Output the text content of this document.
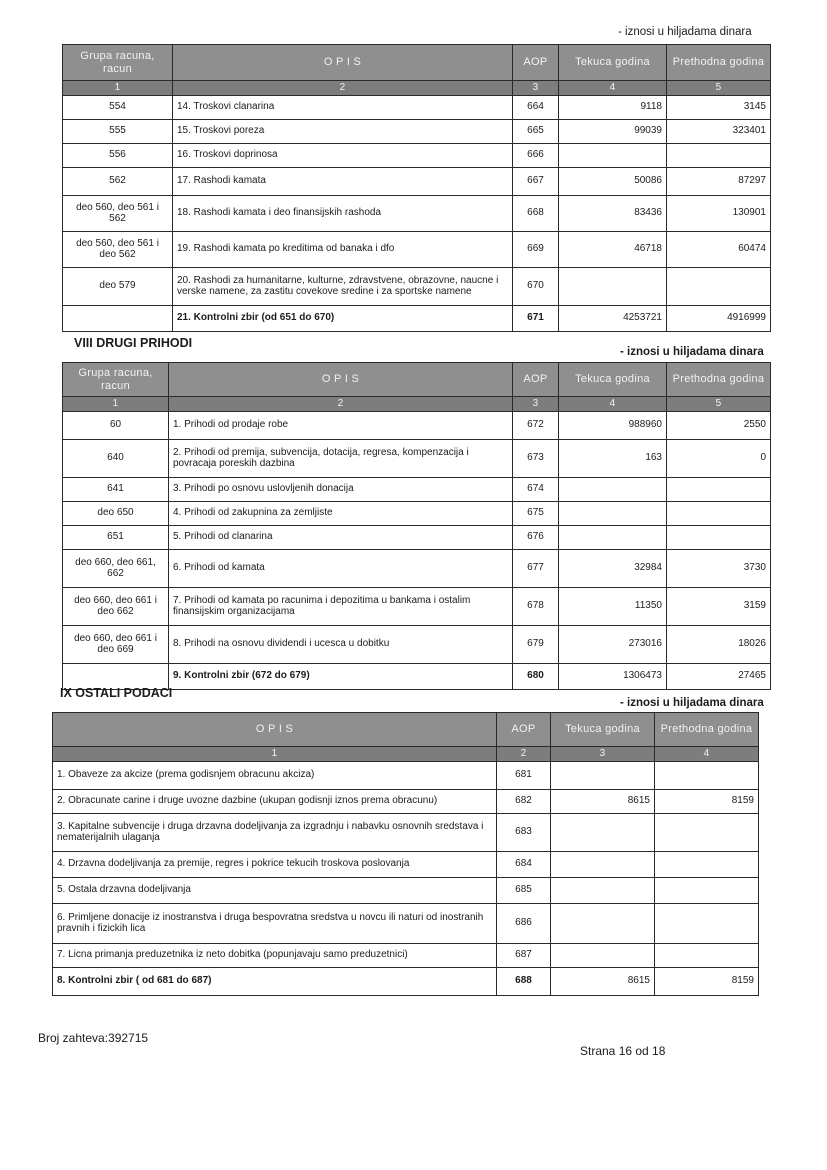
- iznosi u hiljadama dinara
Grupa racuna, racun	O P I S	AOP	Tekuca godina	Prethodna godina
1	2	3	4	5
554	14. Troskovi clanarina	664	9118	3145
555	15. Troskovi poreza	665	99039	323401
556	16. Troskovi doprinosa	666		
562	17. Rashodi kamata	667	50086	87297
deo 560, deo 561 i 562	18. Rashodi kamata i deo finansijskih rashoda	668	83436	130901
deo 560, deo 561 i deo 562	19. Rashodi kamata po kreditima od banaka i dfo	669	46718	60474
deo 579	20. Rashodi za humanitarne, kulturne, zdravstvene, obrazovne, naucne i verske namene, za zastitu covekove sredine i za sportske namene	670		
	21. Kontrolni zbir (od 651 do 670)	671	4253721	4916999
VIII DRUGI PRIHODI
- iznosi u hiljadama dinara
Grupa racuna, racun	O P I S	AOP	Tekuca godina	Prethodna godina
1	2	3	4	5
60	1. Prihodi od prodaje robe	672	988960	2550
640	2. Prihodi od premija, subvencija, dotacija, regresa, kompenzacija i povracaja poreskih dazbina	673	163	0
641	3. Prihodi po osnovu uslovljenih donacija	674		
deo 650	4. Prihodi od zakupnina za zemljiste	675		
651	5. Prihodi od clanarina	676		
deo 660, deo 661, 662	6. Prihodi od kamata	677	32984	3730
deo 660, deo 661 i deo 662	7. Prihodi od kamata po racunima i depozitima u bankama i ostalim finansijskim organizacijama	678	11350	3159
deo 660, deo 661 i deo 669	8. Prihodi na osnovu dividendi i ucesca u dobitku	679	273016	18026
	9. Kontrolni zbir (672 do 679)	680	1306473	27465
IX OSTALI PODACI
- iznosi u hiljadama dinara
O P I S	AOP	Tekuca godina	Prethodna godina
1	2	3	4
1. Obaveze za akcize (prema godisnjem obracunu akciza)	681		
2. Obracunate carine i druge uvozne dazbine (ukupan godisnji iznos prema obracunu)	682	8615	8159
3. Kapitalne subvencije i druga drzavna dodeljivanja za izgradnju i nabavku osnovnih sredstava i nematerijalnih ulaganja	683		
4. Drzavna dodeljivanja za premije, regres i pokrice tekucih troskova poslovanja	684		
5. Ostala drzavna dodeljivanja	685		
6. Primljene donacije iz inostranstva i druga bespovratna sredstva u novcu ili naturi od inostranih pravnih i fizickih lica	686		
7. Licna primanja preduzetnika iz neto dobitka (popunjavaju samo preduzetnici)	687		
8. Kontrolni zbir ( od 681 do 687)	688	8615	8159
Broj zahteva:392715
Strana 16 od 18
